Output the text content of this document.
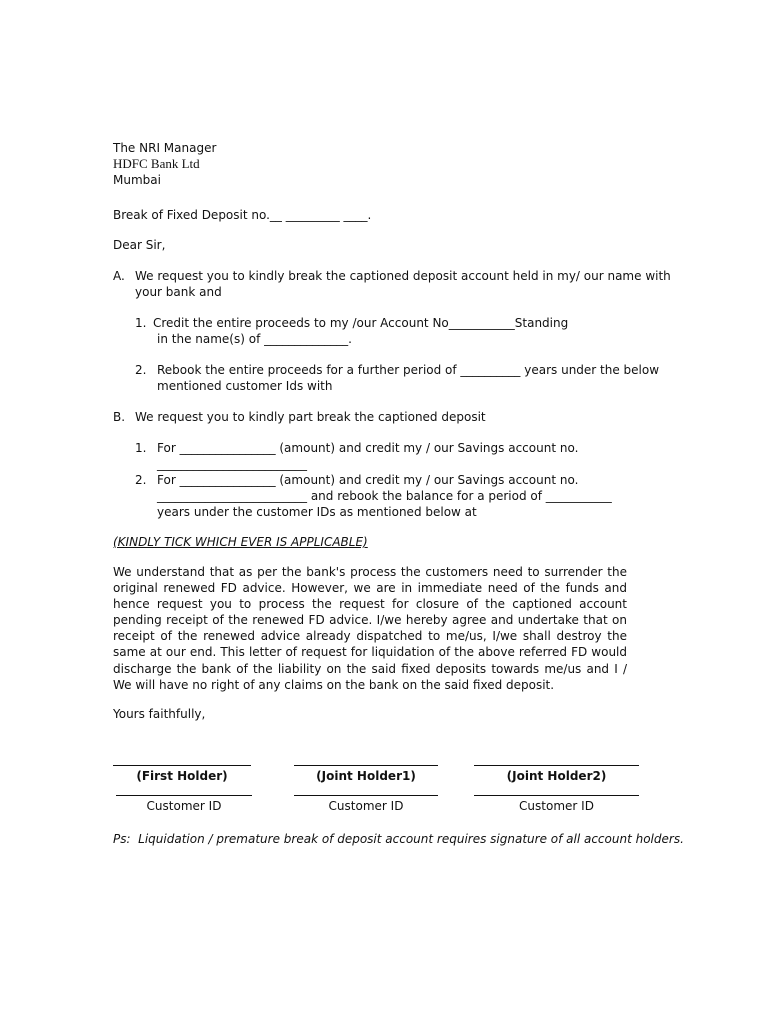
The NRI Manager
HDFC Bank Ltd
Mumbai
Break of Fixed Deposit no.__ _________ ____.
Dear Sir,
A. We request you to kindly break the captioned deposit account held in my/ our name with
your bank and
1. Credit the entire proceeds to my /our Account No___________Standing
in the name(s) of ______________.
2. Rebook the entire proceeds for a further period of __________ years under the below
mentioned customer Ids with
B. We request you to kindly part break the captioned deposit
1. For ________________ (amount) and credit my / our Savings account no.
_________________________
2. For ________________ (amount) and credit my / our Savings account no.
_________________________ and rebook the balance for a period of ___________
years under the customer IDs as mentioned below at
(KINDLY TICK WHICH EVER IS APPLICABLE)
We understand that as per the bank's process the customers need to surrender the original renewed FD advice. However, we are in immediate need of the funds and hence request you to process the request for closure of the captioned account pending receipt of the renewed FD advice. I/we hereby agree and undertake that on receipt of the renewed advice already dispatched to me/us, I/we shall destroy the same at our end. This letter of request for liquidation of the above referred FD would discharge the bank of the liability on the said fixed deposits towards me/us and I / We will have no right of any claims on the bank on the said fixed deposit.
Yours faithfully,
(First Holder)	(Joint Holder1)	(Joint Holder2)
Customer ID	Customer ID	Customer ID
Ps:  Liquidation / premature break of deposit account requires signature of all account holders.
